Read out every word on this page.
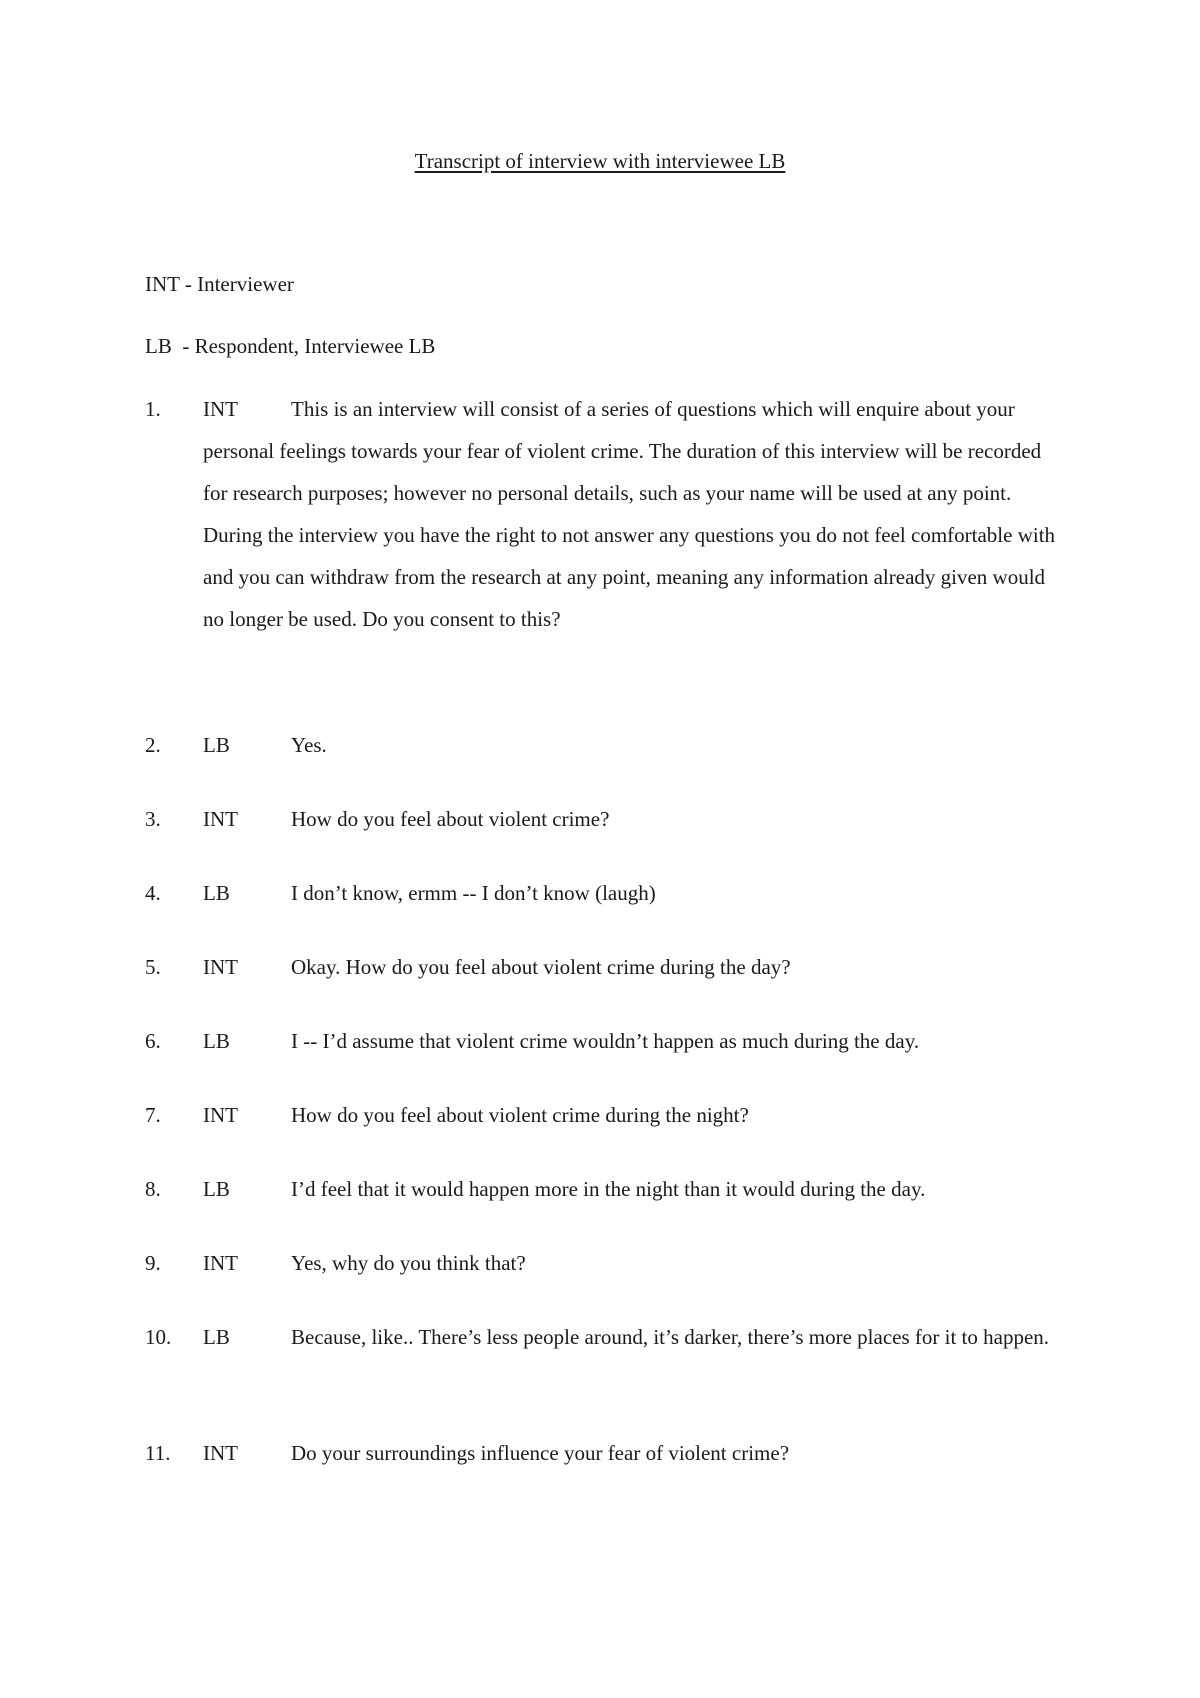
Transcript of interview with interviewee LB
INT - Interviewer
LB  - Respondent, Interviewee LB
1. INT	This is an interview will consist of a series of questions which will enquire about your personal feelings towards your fear of violent crime. The duration of this interview will be recorded for research purposes; however no personal details, such as your name will be used at any point. During the interview you have the right to not answer any questions you do not feel comfortable with and you can withdraw from the research at any point, meaning any information already given would no longer be used. Do you consent to this?
2. LB	Yes.
3. INT	How do you feel about violent crime?
4. LB	I don’t know, ermm -- I don’t know (laugh)
5. INT	Okay. How do you feel about violent crime during the day?
6. LB	I -- I’d assume that violent crime wouldn’t happen as much during the day.
7. INT	How do you feel about violent crime during the night?
8. LB	I’d feel that it would happen more in the night than it would during the day.
9. INT	Yes, why do you think that?
10. LB	Because, like.. There’s less people around, it’s darker, there’s more places for it to happen.
11. INT	Do your surroundings influence your fear of violent crime?
